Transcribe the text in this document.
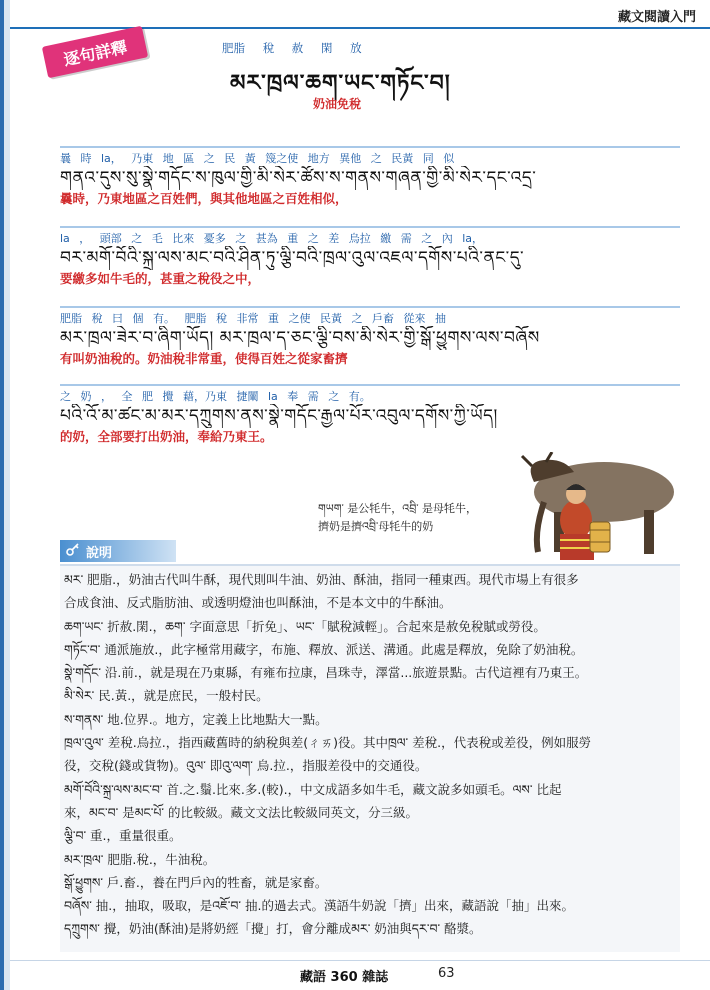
藏文閱讀入門
逐句詳釋	肥脂 稅 赦 閑 放
མར་ཁྲལ་ཆག་ཡང་གཏོང་བ།
奶油免稅
曩 時 la， 乃東 地 區 之 民 黃 篾之使 地方 異他 之 民黃 同 似
གནའ་དུས་སུ་སྣེ་གདོང་ས་ཁུལ་གྱི་མི་སེར་ཚོས་ས་གནས་གཞན་གྱི་མི་སེར་དང་འདྲ་
曩時，乃東地區之百姓們，與其他地區之百姓相似，
la ， 頭部 之 毛 比來 憂多 之 甚為 重 之 差 烏拉 繳 需 之 內 la，
བར་མགོ་བོའི་སྐྲ་ལས་མང་བའི་ཤིན་ཏུ་ལྕི་བའི་ཁྲལ་འུལ་འཇལ་དགོས་པའི་ནང་དུ་
要繳多如牛毛的，甚重之稅役之中，
肥脂 稅 曰 個 有。 肥脂 稅 非常 重 之使 民黃 之 戶畜 從來 抽
མར་ཁྲལ་ཟེར་བ་ཞིག་ཡོད། མར་ཁྲལ་ད་ཅང་ལྕི་བས་མི་སེར་གྱི་སྒོ་ཕྱུགས་ལས་བཞོས
有叫奶油稅的。奶油稅非常重，使得百姓之從家畜擠
之 奶 ， 全 肥 攪 藉，乃東 捷闡 la 奉 需 之 有。
པའི་འོ་མ་ཚང་མ་མར་དཀྲུགས་ནས་སྣེ་གདོང་རྒྱལ་པོར་འབུལ་དགོས་ཀྱི་ཡོད།
的奶，全部要打出奶油，奉給乃東王。
གཡག་ 是公牦牛，འབྲི་ 是母牦牛，
擠奶是擠འབྲི་母牦牛的奶
說明

མར་ 肥脂.，奶油古代叫牛酥，現代則叫牛油、奶油、酥油，指同一種東西。現代市場上有很多

合成食油、反式脂肪油、或透明燈油也叫酥油，不是本文中的牛酥油。

ཆག་ཡང་ 折赦.閑.，ཆག་ 字面意思「折免」、ཡང་「賦稅減輕」。合起來是赦免稅賦或勞役。

གཏོང་བ་ 通派施放.，此字極常用藏字，布施、釋放、派送、溝通。此處是釋放，免除了奶油稅。

སྣེ་གདོང་ 沿.前.，就是現在乃東縣，有雍布拉康，昌珠寺，澤當...旅遊景點。古代這裡有乃東王。

མི་སེར་ 民.黃.，就是庶民，一般村民。

ས་གནས་ 地.位界.。地方，定義上比地點大一點。

ཁྲལ་འུལ་ 差稅.烏拉.，指西藏舊時的納稅與差(ㄔㄞ)役。其中ཁྲལ་ 差稅.，代表稅或差役，例如服勞

役，交稅(錢或貨物)。འུལ་ 即འུ་ལག་ 烏.拉.，指服差役中的交通役。

མགོ་བོའི་སྐྲ་ལས་མང་བ་ 首.之.鬚.比來.多.(較).，中文成語多如牛毛，藏文說多如頭毛。ལས་ 比起

來，མང་བ་ 是མང་པོ་ 的比較級。藏文文法比較級同英文，分三級。

ལྕི་བ་ 重.，重量很重。

མར་ཁྲལ་ 肥脂.稅.，牛油稅。

སྒོ་ཕྱུགས་ 戶.畜.，養在門戶內的牲畜，就是家畜。

བཞོས་ 抽.，抽取，吸取，是འཇོ་བ་ 抽.的過去式。漢語牛奶說「擠」出來，藏語說「抽」出來。

དཀྲུགས་ 攪，奶油(酥油)是將奶經「攪」打，會分離成མར་ 奶油與དར་བ་ 酪漿。

藏語 360 雜誌	63
